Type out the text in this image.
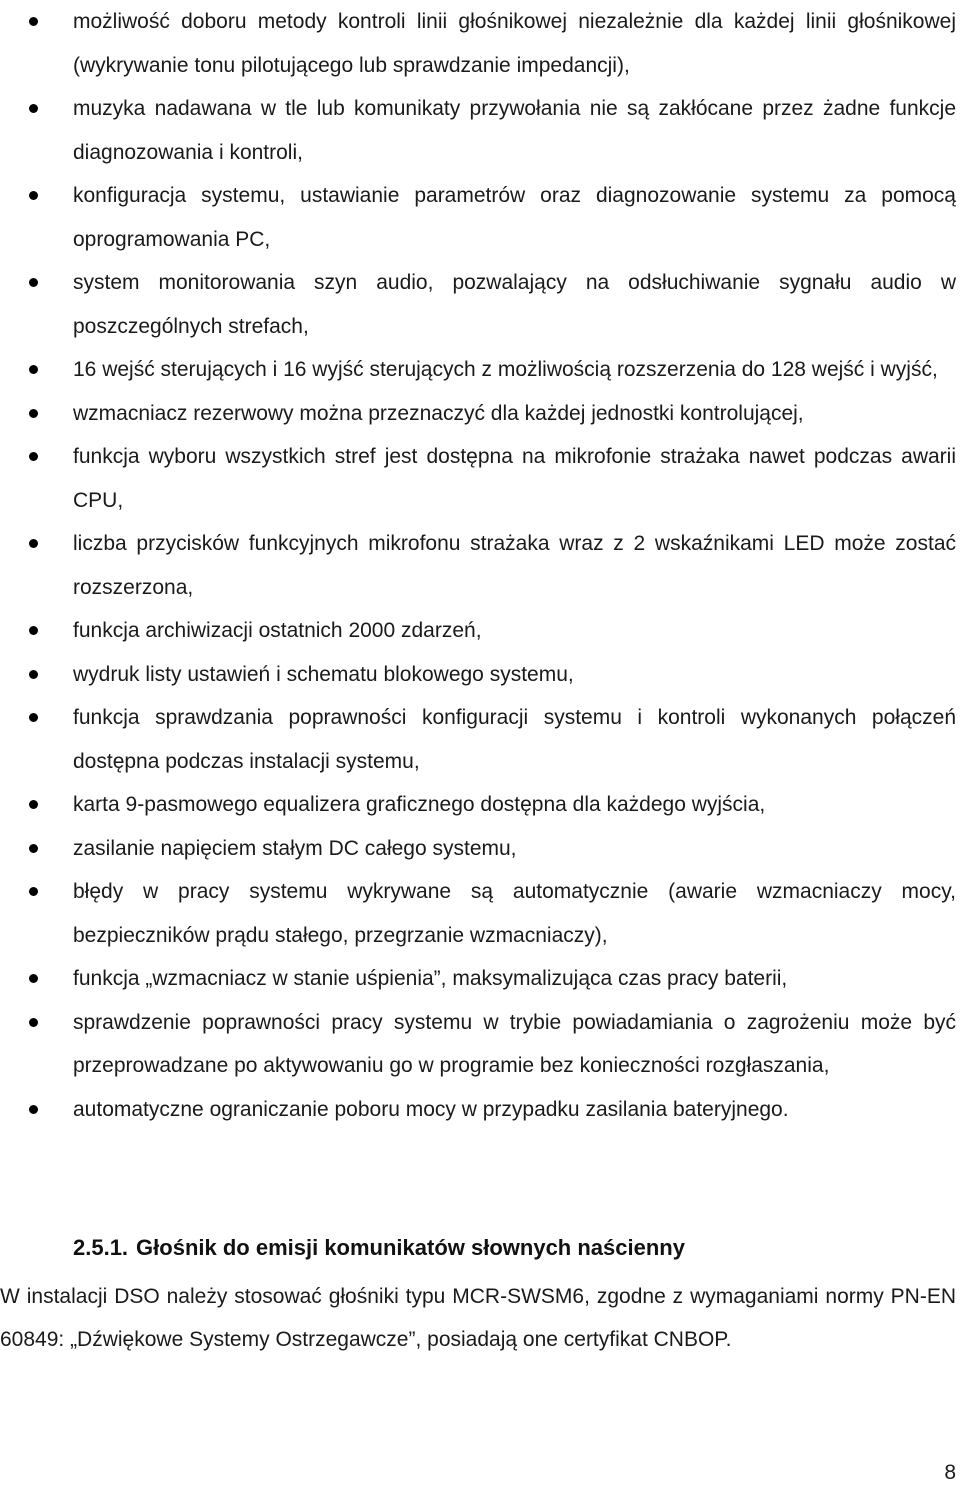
możliwość doboru metody kontroli linii głośnikowej niezależnie dla każdej linii głośnikowej (wykrywanie tonu pilotującego lub sprawdzanie impedancji),
muzyka nadawana w tle lub komunikaty przywołania nie są zakłócane przez żadne funkcje diagnozowania i kontroli,
konfiguracja systemu, ustawianie parametrów oraz diagnozowanie systemu za pomocą oprogramowania PC,
system monitorowania szyn audio, pozwalający na odsłuchiwanie sygnału audio w poszczególnych strefach,
16 wejść sterujących i 16 wyjść sterujących z możliwością rozszerzenia do 128 wejść i wyjść,
wzmacniacz rezerwowy można przeznaczyć dla każdej jednostki kontrolującej,
funkcja wyboru wszystkich stref jest dostępna na mikrofonie strażaka nawet podczas awarii CPU,
liczba przycisków funkcyjnych mikrofonu strażaka wraz z 2 wskaźnikami LED może zostać rozszerzona,
funkcja archiwizacji ostatnich 2000 zdarzeń,
wydruk listy ustawień i schematu blokowego systemu,
funkcja sprawdzania poprawności konfiguracji systemu i kontroli wykonanych połączeń dostępna podczas instalacji systemu,
karta 9-pasmowego equalizera graficznego dostępna dla każdego wyjścia,
zasilanie napięciem stałym DC całego systemu,
błędy w pracy systemu wykrywane są automatycznie (awarie wzmacniaczy mocy, bezpieczników prądu stałego, przegrzanie wzmacniaczy),
funkcja „wzmacniacz w stanie uśpienia”, maksymalizująca czas pracy baterii,
sprawdzenie poprawności pracy systemu w trybie powiadamiania o zagrożeniu może być przeprowadzane po aktywowaniu go w programie bez konieczności rozgłaszania,
automatyczne ograniczanie poboru mocy w przypadku zasilania bateryjnego.
2.5.1. Głośnik do emisji komunikatów słownych naścienny
W instalacji DSO należy stosować głośniki typu MCR-SWSM6, zgodne z wymaganiami normy PN-EN 60849: „Dźwiękowe Systemy Ostrzegawcze”, posiadają one certyfikat CNBOP.
8
